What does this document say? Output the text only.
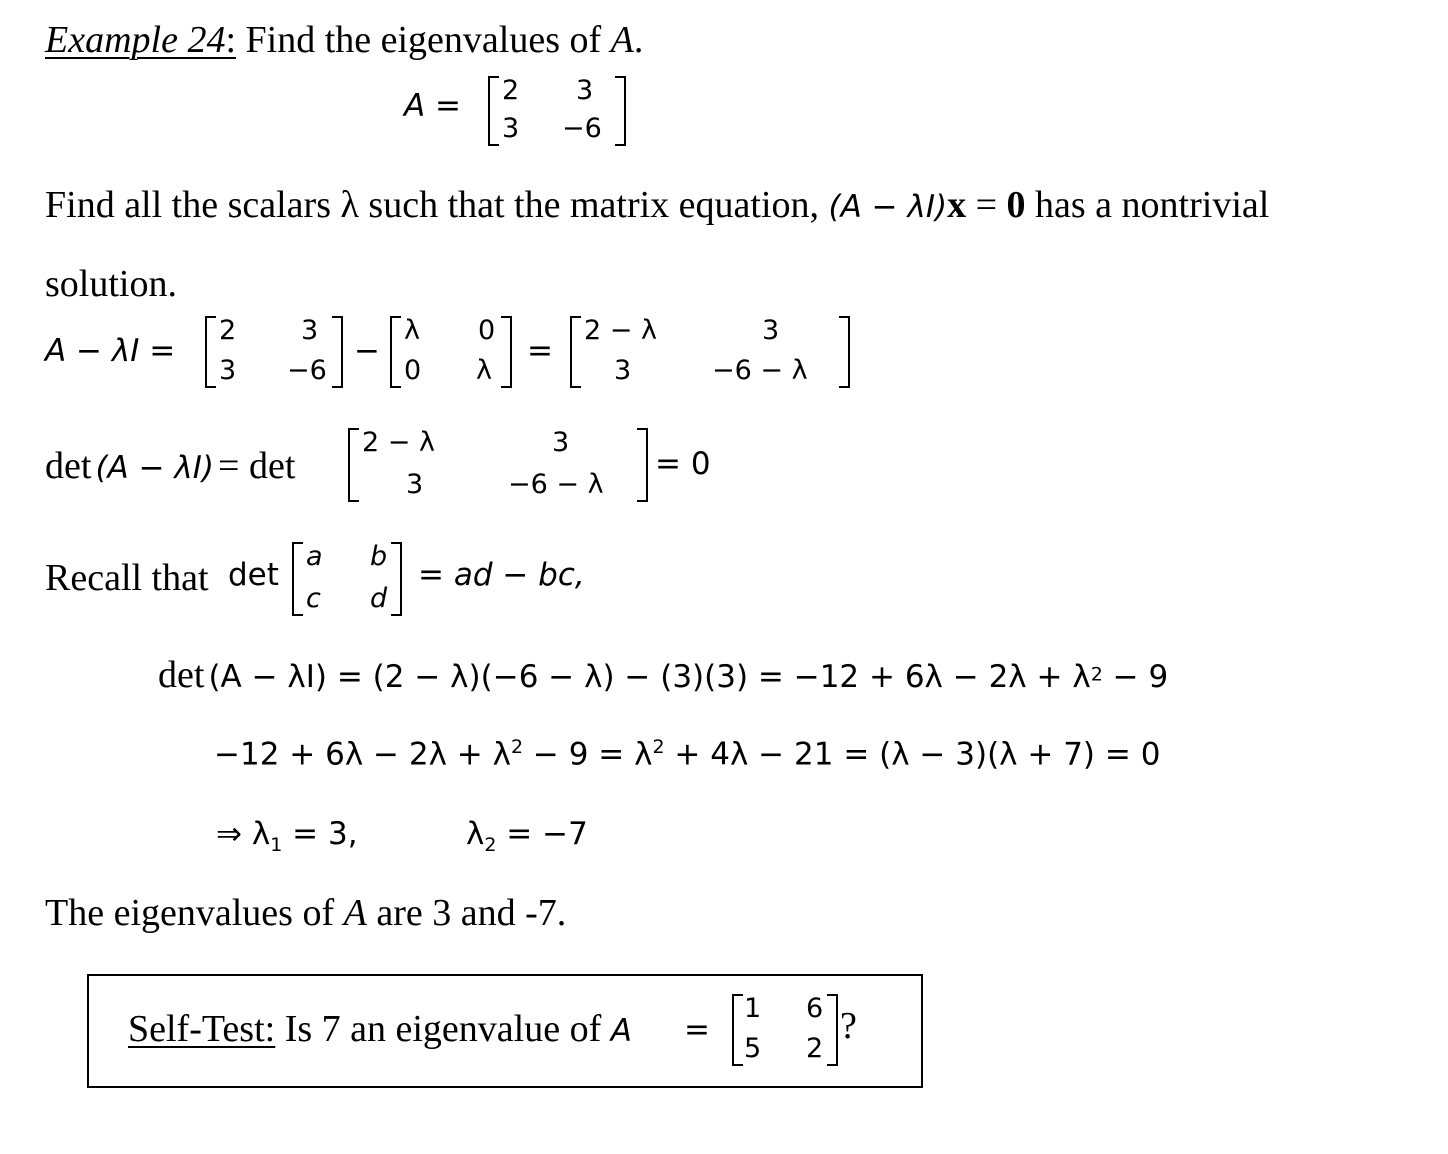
Example 24: Find the eigenvalues of A.
A = 2 3
3 −6
Find all the scalars λ such that the matrix equation, (A − λI)x = 0 has a nontrivial
solution.
A − λI =
2 3
3 −6
−
λ 0
0 λ
=
2 − λ	3
3	−6 − λ
det (A − λI) = det
2 − λ	3
3	−6 − λ
= 0
Recall that det
a b
c d
= ad − bc,
$\det (A - \lambda I) = (2 - \lambda)(-6 - \lambda) - (3)(3) = -12 + 6\lambda - 2\lambda + \lambda^2 - 9$
$-12 + 6\lambda - 2\lambda + \lambda^2 - 9 = \lambda^2 + 4\lambda - 21 = (\lambda - 3)(\lambda + 7) = 0$
⇒ $\lambda_1 = 3$,	$\lambda_2 = -7$
The eigenvalues of A are 3 and -7.
Self-Test: Is 7 an eigenvalue of A =
1 6
5 2
?
